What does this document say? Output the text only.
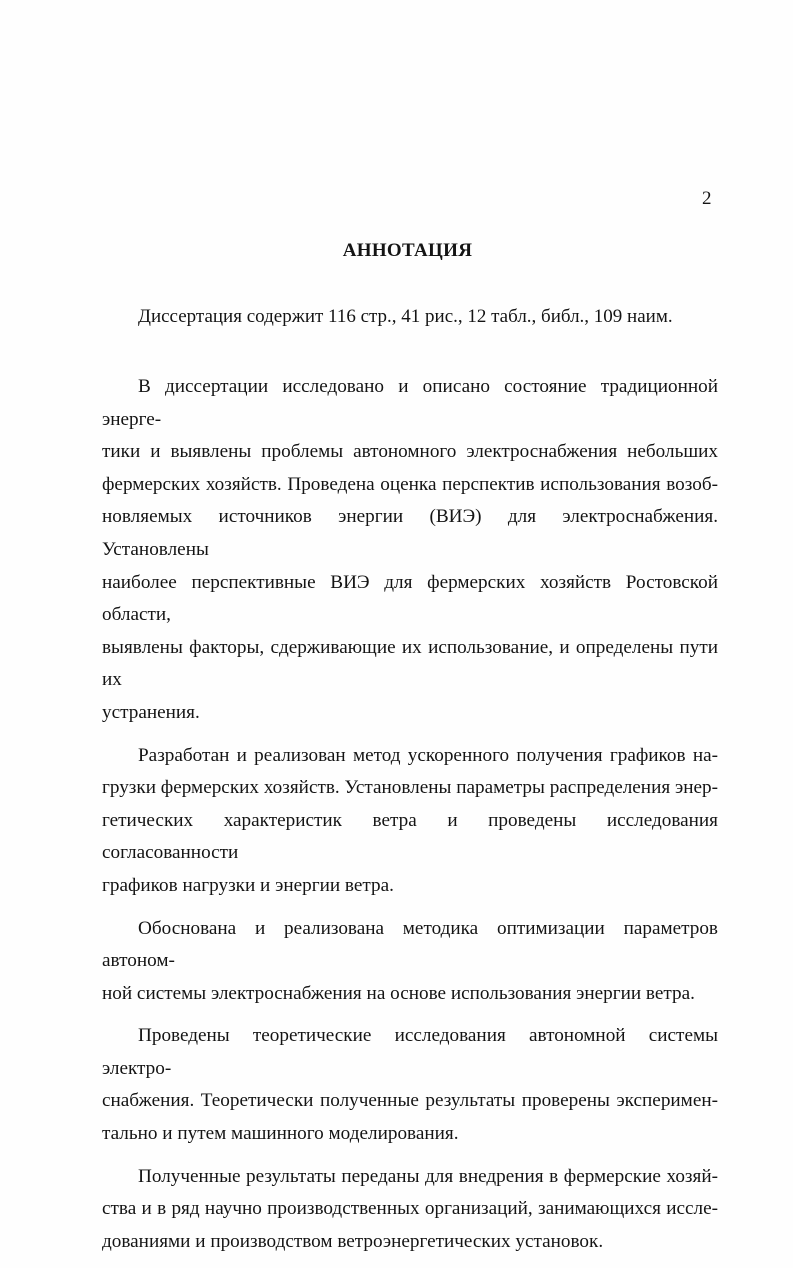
2
АННОТАЦИЯ
Диссертация содержит 116 стр., 41 рис., 12 табл., библ., 109 наим.

В диссертации исследовано и описано состояние традиционной энерге-
тики и выявлены проблемы автономного электроснабжения небольших
фермерских хозяйств. Проведена оценка перспектив использования возоб-
новляемых источников энергии (ВИЭ) для электроснабжения. Установлены
наиболее перспективные ВИЭ для фермерских хозяйств Ростовской области,
выявлены факторы, сдерживающие их использование, и определены пути их
устранения.

Разработан и реализован метод ускоренного получения графиков на-
грузки фермерских хозяйств. Установлены параметры распределения энер-
гетических характеристик ветра и проведены исследования согласованности
графиков нагрузки и энергии ветра.

Обоснована и реализована методика оптимизации параметров автоном-
ной системы электроснабжения на основе использования энергии ветра.

Проведены теоретические исследования автономной системы электро-
снабжения. Теоретически полученные результаты проверены эксперимен-
тально и путем машинного моделирования.

Полученные результаты переданы для внедрения в фермерские хозяй-
ства и в ряд научно производственных организаций, занимающихся иссле-
дованиями и производством ветроэнергетических установок.
